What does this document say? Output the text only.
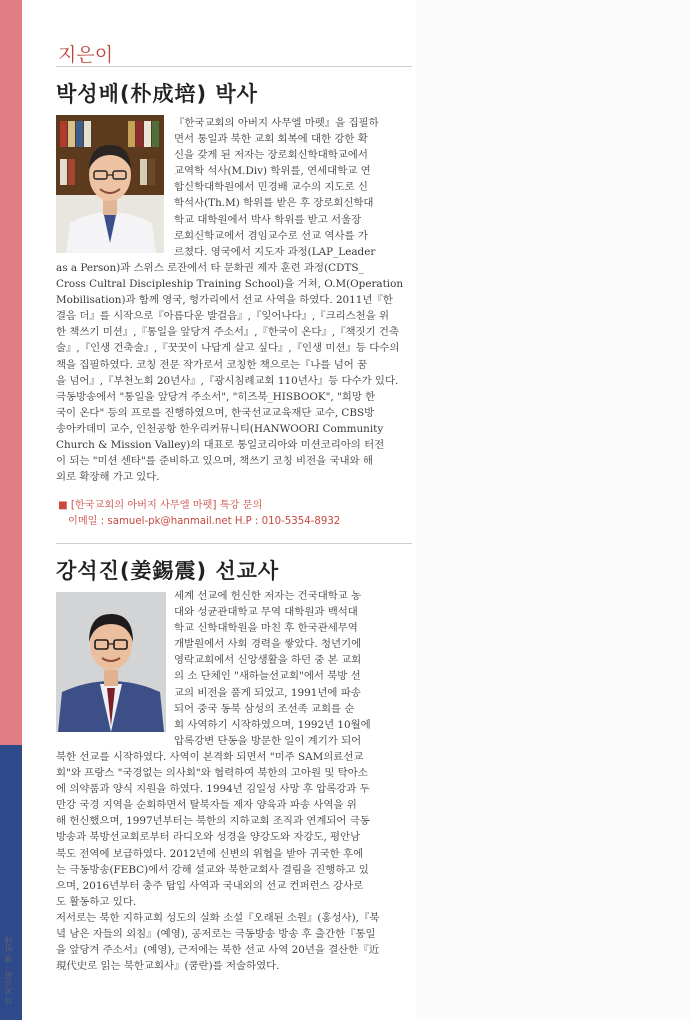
지은이
박성배(朴成培) 박사
『한국교회의 아버지 사무엘 마펫』을 집필하
면서 통일과 북한 교회 회복에 대한 강한 확
신을 갖게 된 저자는 장로회신학대학교에서
교역학 석사(M.Div) 학위를, 연세대학교 연
합신학대학원에서 민경배 교수의 지도로 신
학석사(Th.M) 학위를 받은 후 장로회신학대
학교 대학원에서 박사 학위를 받고 서울장
로회신학교에서 겸임교수로 선교 역사를 가
르쳤다. 영국에서 지도자 과정(LAP_Leader
as a Person)과 스위스 로잔에서 타 문화권 제자 훈련 과정(CDTS_
Cross Cultral Discipleship Training School)을 거쳐, O.M(Operation
Mobilisation)과 함께 영국, 헝가리에서 선교 사역을 하였다. 2011년『한
결음 더』를 시작으로『아름다운 발걸음』,『잊어나다』,『크리스천을 위
한 책쓰기 미션』,『통일을 앞당겨 주소서』,『한국이 온다』,『책짓기 건축
술』,『인생 건축술』,『꿋꿋이 나답게 살고 싶다』,『인생 미션』등 다수의
책을 집필하였다. 코칭 전문 작가로서 코칭한 책으로는『나를 넘어 꿈
을 넘어』,『부천노회 20년사』,『광시침례교회 110년사』등 다수가 있다.
극동방송에서 "통일을 앞당겨 주소서", "히즈북_HISBOOK", "희망 한
국이 온다" 등의 프로를 진행하였으며, 한국선교교육재단 교수, CBS방
송아카데미 교수, 인천공항 한우리커뮤니티(HANWOORI Community
Church & Mission Valley)의 대표로 통일코리아와 미션코리아의 터전
이 되는 "미션 센타"를 준비하고 있으며, 책쓰기 코칭 비전을 국내와 해
외로 확장해 가고 있다.
■ [한국교회의 아버지 사무엘 마펫] 특강 문의
이메일 : samuel-pk@hanmail.net H.P : 010-5354-8932
강석진(姜錫震) 선교사
세계 선교에 헌신한 저자는 건국대학교 농
대와 성균관대학교 무역 대학원과 백석대
학교 신학대학원을 마친 후 한국관세무역
개발원에서 사회 경력을 쌓았다. 청년기에
영락교회에서 신앙생활을 하던 중 본 교회
의 소 단체인 "새하늘선교회"에서 북방 선
교의 비전을 품게 되었고, 1991년에 파송
되어 중국 동북 삼성의 조선족 교회를 순
회 사역하기 시작하였으며, 1992년 10월에
압록강변 단동을 방문한 일이 계기가 되어
북한 선교를 시작하였다. 사역이 본격화 되면서 "미주 SAM의료선교
회"와 프랑스 "국경없는 의사회"와 협력하여 북한의 고아원 및 탁아소
에 의약품과 양식 지원을 하였다. 1994년 김일성 사망 후 압록강과 두
만강 국경 지역을 순회하면서 탈북자들 제자 양육과 파송 사역을 위
해 헌신했으며, 1997년부터는 북한의 지하교회 조직과 연계되어 극동
방송과 북방선교회로부터 라디오와 성경을 양강도와 자강도, 평안남
북도 전역에 보급하였다. 2012년에 신변의 위협을 받아 귀국한 후에
는 극동방송(FEBC)에서 강해 설교와 북한교회사 결림을 진행하고 있
으며, 2016년부터 충주 탑입 사역과 국내외의 선교 컨퍼런스 강사로
도 활동하고 있다.
저서로는 북한 지하교회 성도의 실화 소설『오래된 소원』(홍성사),『북
녘 남은 자들의 외침』(예영), 공저로는 극동방송 방송 후 출간한『통일
을 앞당겨 주소서』(예영), 근저에는 북한 선교 사역 20년을 결산한『近
現代史로 읽는 북한교회사』(쿰란)를 저술하였다.
더 지은이 · 책 안내
